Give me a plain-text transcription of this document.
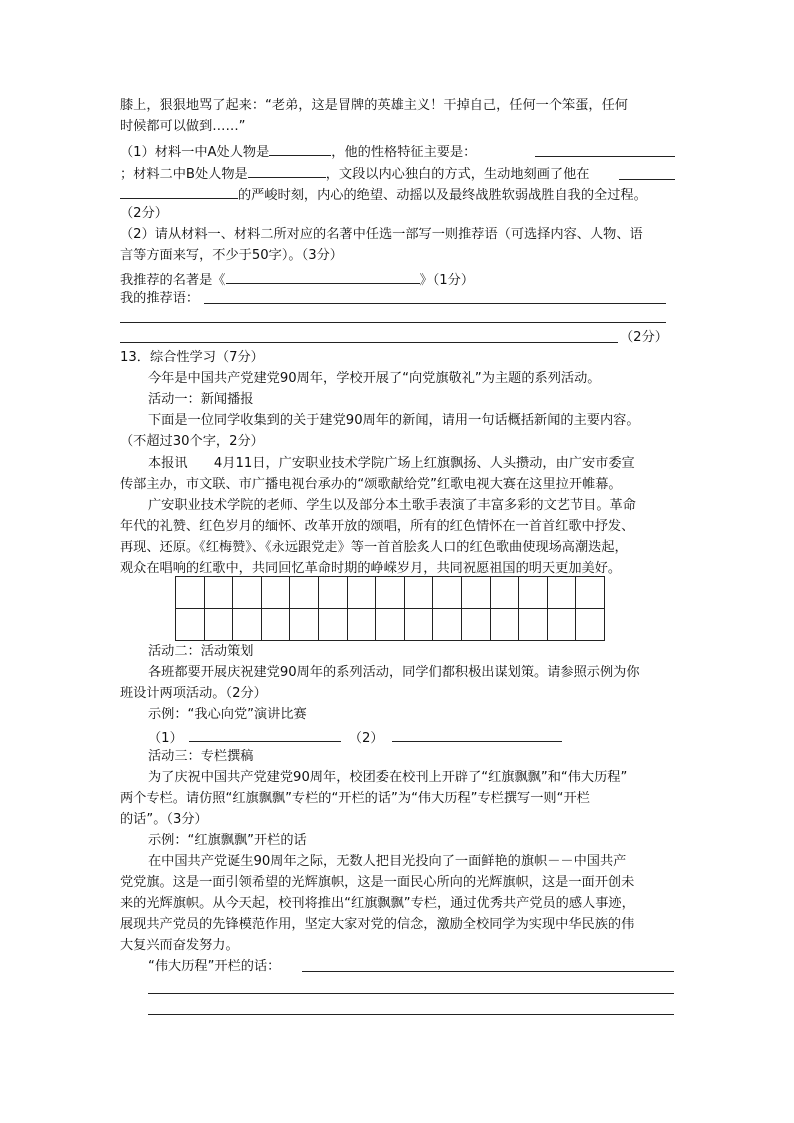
膝上，狠狠地骂了起来：“老弟，这是冒牌的英雄主义！干掉自己，任何一个笨蛋，任何
时候都可以做到……”
（1）材料一中A处人物是	，他的性格特征主要是：
；材料二中B处人物是	，文段以内心独白的方式，生动地刻画了他在
的严峻时刻，内心的绝望、动摇以及最终战胜软弱战胜自我的全过程。
（2分）
（2）请从材料一、材料二所对应的名著中任选一部写一则推荐语（可选择内容、人物、语
言等方面来写，不少于50字）。（3分）
我推荐的名著是《	》（1分）
我的推荐语：
（2分）
13．综合性学习（7分）
今年是中国共产党建党90周年，学校开展了“向党旗敬礼”为主题的系列活动。
活动一：新闻播报
下面是一位同学收集到的关于建党90周年的新闻，请用一句话概括新闻的主要内容。
（不超过30个字，2分）
本报讯　　4月11日，广安职业技术学院广场上红旗飘扬、人头攒动，由广安市委宣
传部主办，市文联、市广播电视台承办的“颂歌献给党”红歌电视大赛在这里拉开帷幕。
广安职业技术学院的老师、学生以及部分本土歌手表演了丰富多彩的文艺节目。革命
年代的礼赞、红色岁月的缅怀、改革开放的颂唱，所有的红色情怀在一首首红歌中抒发、
再现、还原。《红梅赞》、《永远跟党走》等一首首脍炙人口的红色歌曲使现场高潮迭起，
观众在唱响的红歌中，共同回忆革命时期的峥嵘岁月，共同祝愿祖国的明天更加美好。

活动二：活动策划
各班都要开展庆祝建党90周年的系列活动，同学们都积极出谋划策。请参照示例为你
班设计两项活动。（2分）
示例：“我心向党”演讲比赛
（1）	（2）
活动三：专栏撰稿
为了庆祝中国共产党建党90周年，校团委在校刊上开辟了“红旗飘飘”和“伟大历程”
两个专栏。请仿照“红旗飘飘”专栏的“开栏的话”为“伟大历程”专栏撰写一则“开栏
的话”。（3分）
示例：“红旗飘飘”开栏的话
在中国共产党诞生90周年之际，无数人把目光投向了一面鲜艳的旗帜－－中国共产
党党旗。这是一面引领希望的光辉旗帜，这是一面民心所向的光辉旗帜，这是一面开创未
来的光辉旗帜。从今天起，校刊将推出“红旗飘飘”专栏，通过优秀共产党员的感人事迹，
展现共产党员的先锋模范作用，坚定大家对党的信念，激励全校同学为实现中华民族的伟
大复兴而奋发努力。
“伟大历程”开栏的话：
